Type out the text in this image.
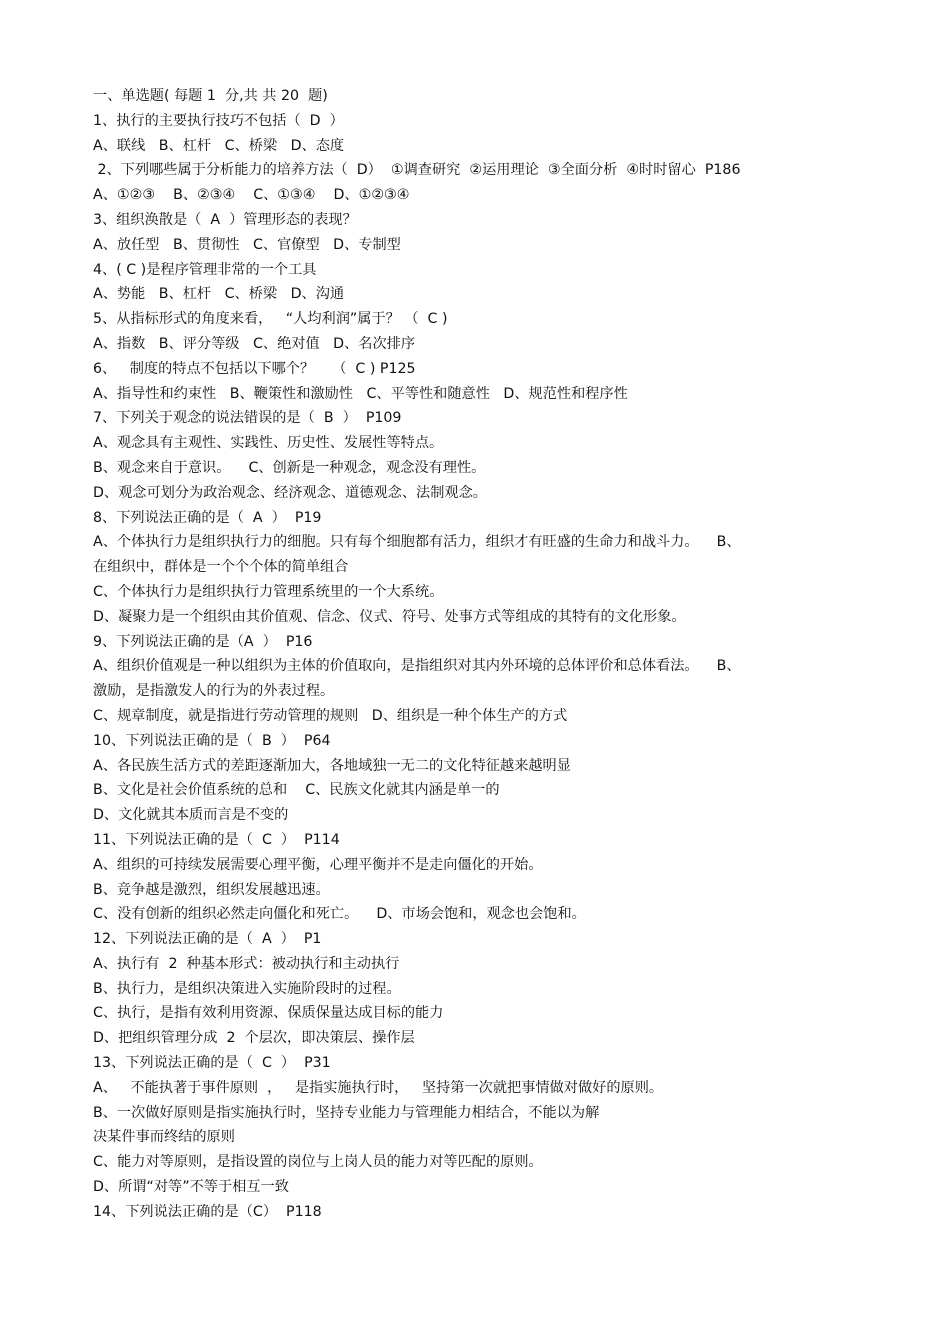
一、单选题( 每题 1  分,共 共 20  题)
1、执行的主要执行技巧不包括（  D  ）
A、联线   B、杠杆   C、桥梁   D、态度
2、下列哪些属于分析能力的培养方法（  D）  ①调查研究  ②运用理论  ③全面分析  ④时时留心  P186
A、①②③    B、②③④    C、①③④    D、①②③④
3、组织涣散是（  A  ）管理形态的表现？
A、放任型   B、贯彻性   C、官僚型   D、专制型
4、( C )是程序管理非常的一个工具
A、势能   B、杠杆   C、桥梁   D、沟通
5、从指标形式的角度来看，   “人均利润”属于？ （  C )
A、指数   B、评分等级   C、绝对值   D、名次排序
6、   制度的特点不包括以下哪个？    （  C ) P125
A、指导性和约束性   B、鞭策性和激励性   C、平等性和随意性   D、规范性和程序性
7、下列关于观念的说法错误的是（  B  ）  P109
A、观念具有主观性、实践性、历史性、发展性等特点。
B、观念来自于意识。    C、创新是一种观念，观念没有理性。
D、观念可划分为政治观念、经济观念、道德观念、法制观念。
8、下列说法正确的是（  A  ）  P19
A、个体执行力是组织执行力的细胞。只有每个细胞都有活力，组织才有旺盛的生命力和战斗力。    B、
在组织中，群体是一个个个体的简单组合
C、个体执行力是组织执行力管理系统里的一个大系统。
D、凝聚力是一个组织由其价值观、信念、仪式、符号、处事方式等组成的其特有的文化形象。
9、下列说法正确的是（A  ）  P16
A、组织价值观是一种以组织为主体的价值取向，是指组织对其内外环境的总体评价和总体看法。    B、
激励，是指激发人的行为的外表过程。
C、规章制度，就是指进行劳动管理的规则   D、组织是一种个体生产的方式
10、下列说法正确的是（  B  ）  P64
A、各民族生活方式的差距逐渐加大，各地域独一无二的文化特征越来越明显
B、文化是社会价值系统的总和    C、民族文化就其内涵是单一的
D、文化就其本质而言是不变的
11、下列说法正确的是（  C  ）  P114
A、组织的可持续发展需要心理平衡，心理平衡并不是走向僵化的开始。
B、竞争越是激烈，组织发展越迅速。
C、没有创新的组织必然走向僵化和死亡。    D、市场会饱和，观念也会饱和。
12、下列说法正确的是（  A  ）  P1
A、执行有  2  种基本形式：被动执行和主动执行
B、执行力，是组织决策进入实施阶段时的过程。
C、执行，是指有效利用资源、保质保量达成目标的能力
D、把组织管理分成  2  个层次，即决策层、操作层
13、下列说法正确的是（  C  ）  P31
A、   不能执著于事件原则  ，   是指实施执行时，   坚持第一次就把事情做对做好的原则。
B、一次做好原则是指实施执行时，坚持专业能力与管理能力相结合，不能以为解
决某件事而终结的原则
C、能力对等原则，是指设置的岗位与上岗人员的能力对等匹配的原则。
D、所谓“对等”不等于相互一致
14、下列说法正确的是（C）  P118
